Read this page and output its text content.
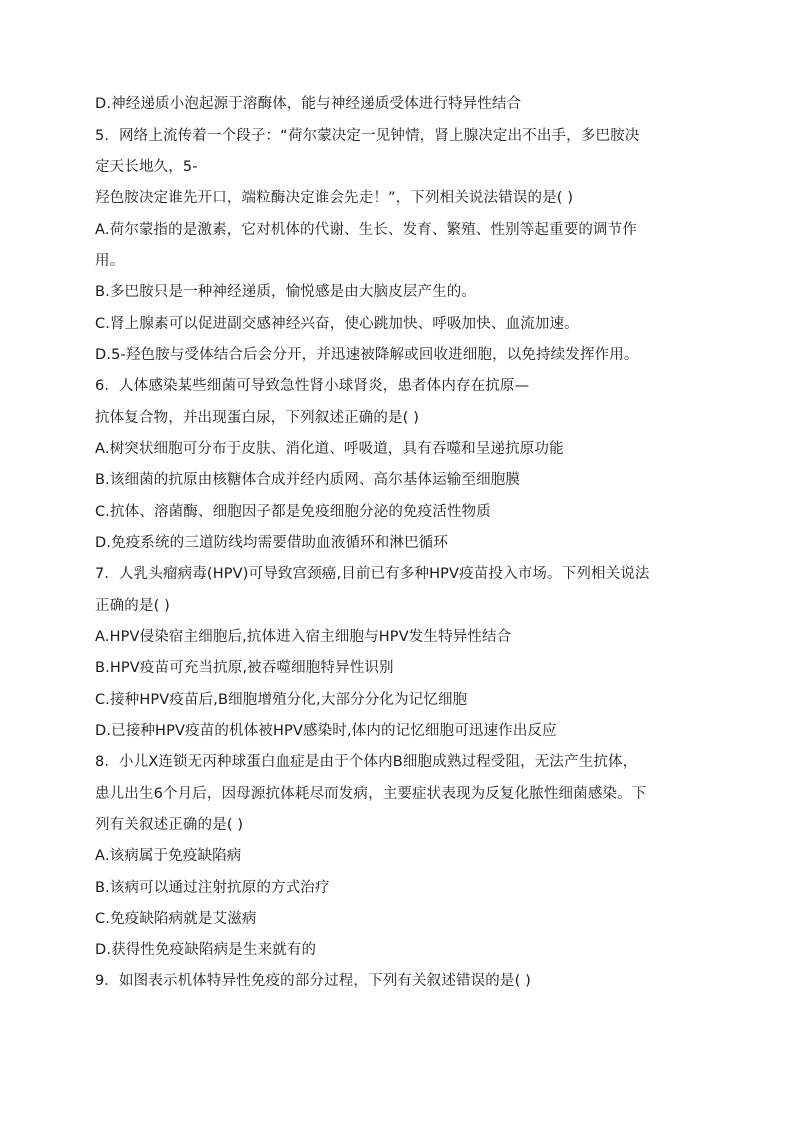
D.神经递质小泡起源于溶酶体，能与神经递质受体进行特异性结合
5．网络上流传着一个段子：“荷尔蒙决定一见钟情，肾上腺决定出不出手，多巴胺决
定天长地久，5-
羟色胺决定谁先开口，端粒酶决定谁会先走！”，下列相关说法错误的是( )
A.荷尔蒙指的是激素，它对机体的代谢、生长、发育、繁殖、性别等起重要的调节作
用。
B.多巴胺只是一种神经递质，愉悦感是由大脑皮层产生的。
C.肾上腺素可以促进副交感神经兴奋，使心跳加快、呼吸加快、血流加速。
D.5-羟色胺与受体结合后会分开，并迅速被降解或回收进细胞，以免持续发挥作用。
6．人体感染某些细菌可导致急性肾小球肾炎，患者体内存在抗原—
抗体复合物，并出现蛋白尿，下列叙述正确的是( )
A.树突状细胞可分布于皮肤、消化道、呼吸道，具有吞噬和呈递抗原功能
B.该细菌的抗原由核糖体合成并经内质网、高尔基体运输至细胞膜
C.抗体、溶菌酶、细胞因子都是免疫细胞分泌的免疫活性物质
D.免疫系统的三道防线均需要借助血液循环和淋巴循环
7．人乳头瘤病毒(HPV)可导致宫颈癌,目前已有多种HPV疫苗投入市场。下列相关说法
正确的是( )
A.HPV侵染宿主细胞后,抗体进入宿主细胞与HPV发生特异性结合
B.HPV疫苗可充当抗原,被吞噬细胞特异性识别
C.接种HPV疫苗后,B细胞增殖分化,大部分分化为记忆细胞
D.已接种HPV疫苗的机体被HPV感染时,体内的记忆细胞可迅速作出反应
8．小儿X连锁无丙种球蛋白血症是由于个体内B细胞成熟过程受阻，无法产生抗体，
患儿出生6个月后，因母源抗体耗尽而发病，主要症状表现为反复化脓性细菌感染。下
列有关叙述正确的是( )
A.该病属于免疫缺陷病
B.该病可以通过注射抗原的方式治疗
C.免疫缺陷病就是艾滋病
D.获得性免疫缺陷病是生来就有的
9．如图表示机体特异性免疫的部分过程，下列有关叙述错误的是( )
